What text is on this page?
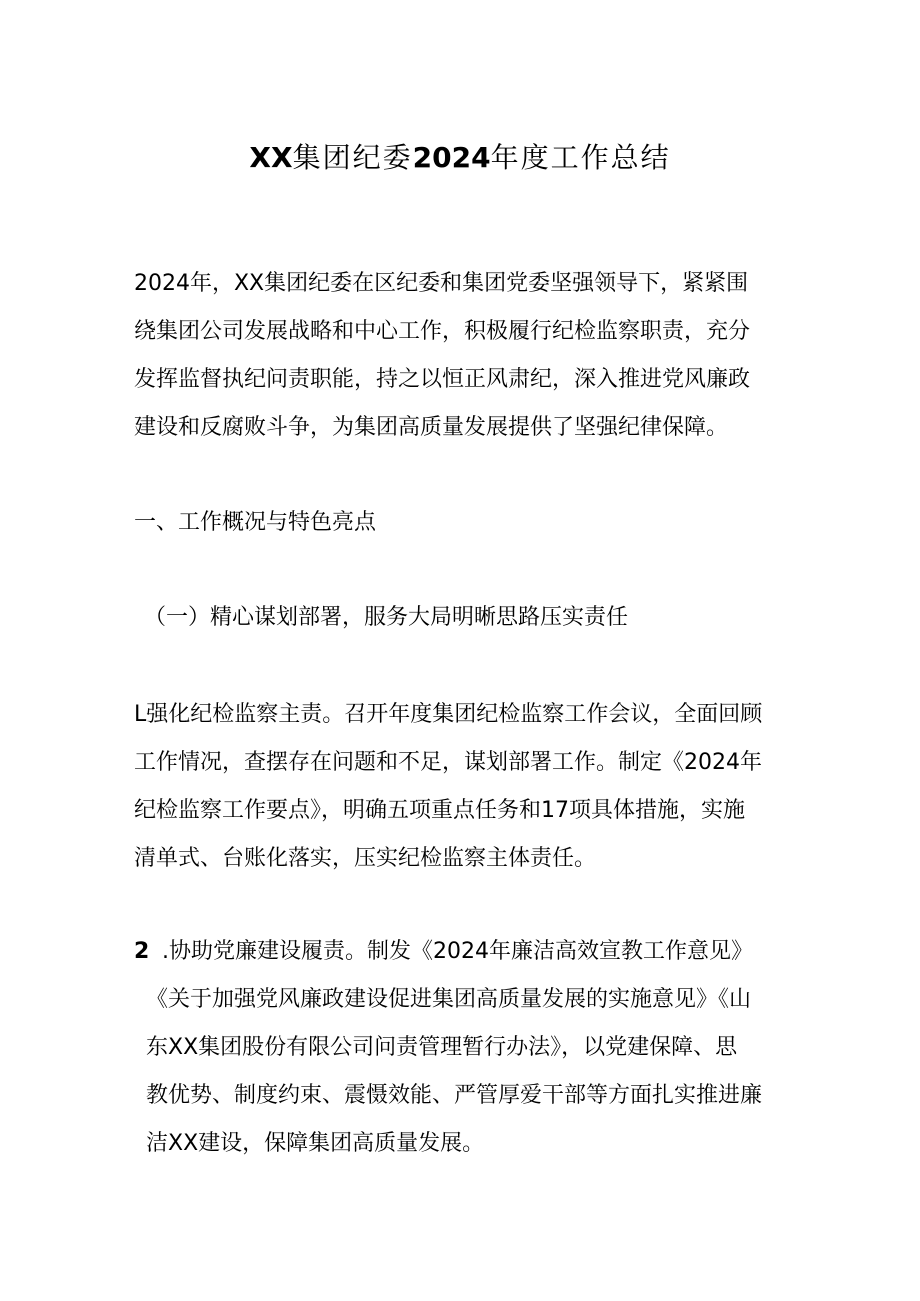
XX集团纪委2024年度工作总结
2024年，XX集团纪委在区纪委和集团党委坚强领导下，紧紧围
绕集团公司发展战略和中心工作，积极履行纪检监察职责，充分
发挥监督执纪问责职能，持之以恒正风肃纪，深入推进党风廉政
建设和反腐败斗争，为集团高质量发展提供了坚强纪律保障。
一、工作概况与特色亮点
（一）精心谋划部署，服务大局明晰思路压实责任
L强化纪检监察主责。召开年度集团纪检监察工作会议，全面回顾
工作情况，查摆存在问题和不足，谋划部署工作。制定《2024年
纪检监察工作要点》，明确五项重点任务和17项具体措施，实施
清单式、台账化落实，压实纪检监察主体责任。
2 .协助党廉建设履责。制发《2024年廉洁高效宣教工作意见》
《关于加强党风廉政建设促进集团高质量发展的实施意见》《山
东XX集团股份有限公司问责管理暂行办法》，以党建保障、思
教优势、制度约束、震慑效能、严管厚爱干部等方面扎实推进廉
洁XX建设，保障集团高质量发展。
